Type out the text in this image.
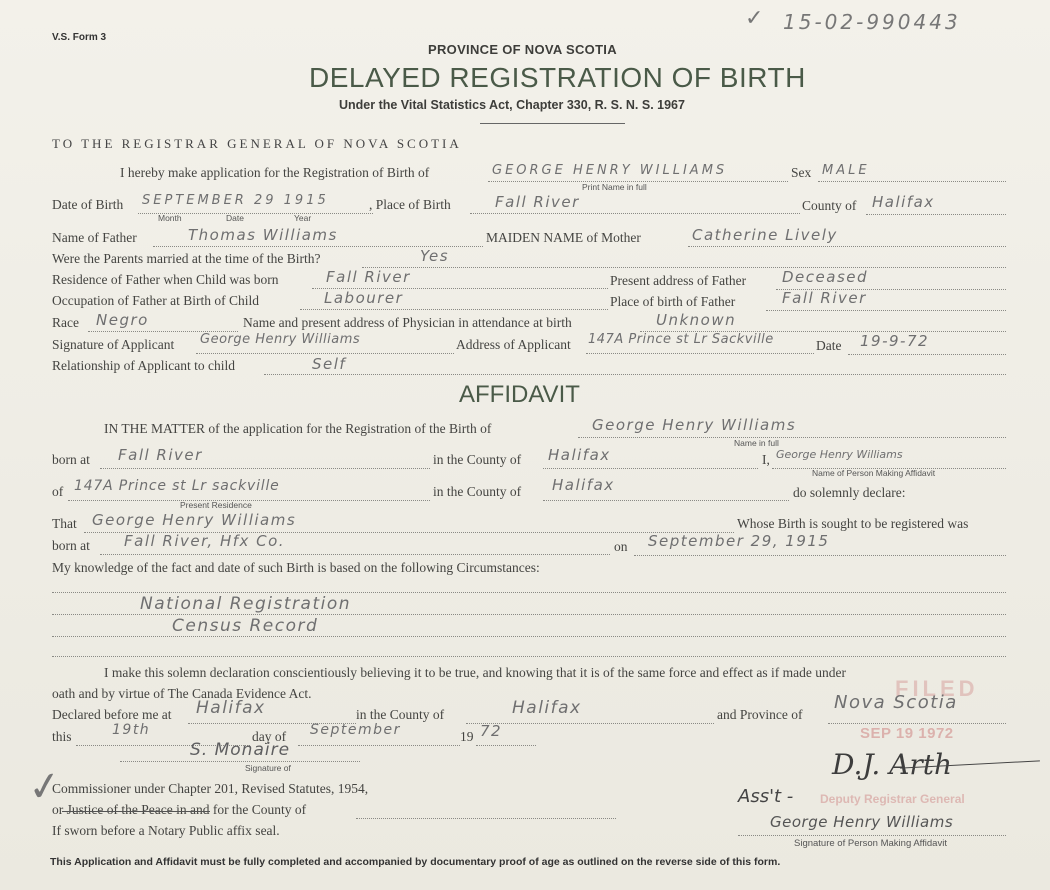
V.S. Form 3
✓ 15-02-990443
PROVINCE OF NOVA SCOTIA
DELAYED REGISTRATION OF BIRTH
Under the Vital Statistics Act, Chapter 330, R. S. N. S. 1967
TO THE REGISTRAR GENERAL OF NOVA SCOTIA
I hereby make application for the Registration of Birth of	GEORGE HENRY WILLIAMS	Sex MALE
Print Name in full
Date of Birth SEPTEMBER 29 1915
Month	Date	Year
, Place of Birth	Fall River	County of Halifax
Name of Father	Thomas Williams	MAIDEN NAME of Mother	Catherine Lively
Were the Parents married at the time of the Birth?	Yes
Residence of Father when Child was born	Fall River	Present address of Father Deceased
Occupation of Father at Birth of Child	Labourer	Place of birth of Father	Fall River
Race Negro	Name and present address of Physician in attendance at birth	Unknown
Signature of Applicant George Henry Williams	Address of Applicant 147A Prince st Lr Sackville	Date 19-9-72
Relationship of Applicant to child	Self
AFFIDAVIT
IN THE MATTER of the application for the Registration of the Birth of	George Henry Williams
Name in full
born at Fall River	in the County of Halifax	I, George Henry Williams
Name of Person Making Affidavit
of 147A Prince st Lr sackville
Present Residence
in the County of Halifax	do solemnly declare:
That George Henry Williams	Whose Birth is sought to be registered was
born at Fall River, Hfx Co.	on September 29, 1915
My knowledge of the fact and date of such Birth is based on the following Circumstances:
National Registration
Census Record
I make this solemn declaration conscientiously believing it to be true, and knowing that it is of the same force and effect as if made under
oath and by virtue of The Canada Evidence Act.	FILED
Declared before me at Halifax	in the County of	Halifax	and Province of
Nova Scotia
SEP 19 1972
this	19th	day of September	19 72
S. Monaire
Signature of
✓
Commissioner under Chapter 201, Revised Statutes, 1954,
or Justice of the Peace in and for the County of
If sworn before a Notary Public affix seal.
D.J. Arth
Ass't - Deputy Registrar General
George Henry Williams
Signature of Person Making Affidavit
This Application and Affidavit must be fully completed and accompanied by documentary proof of age as outlined on the reverse side of this form.
